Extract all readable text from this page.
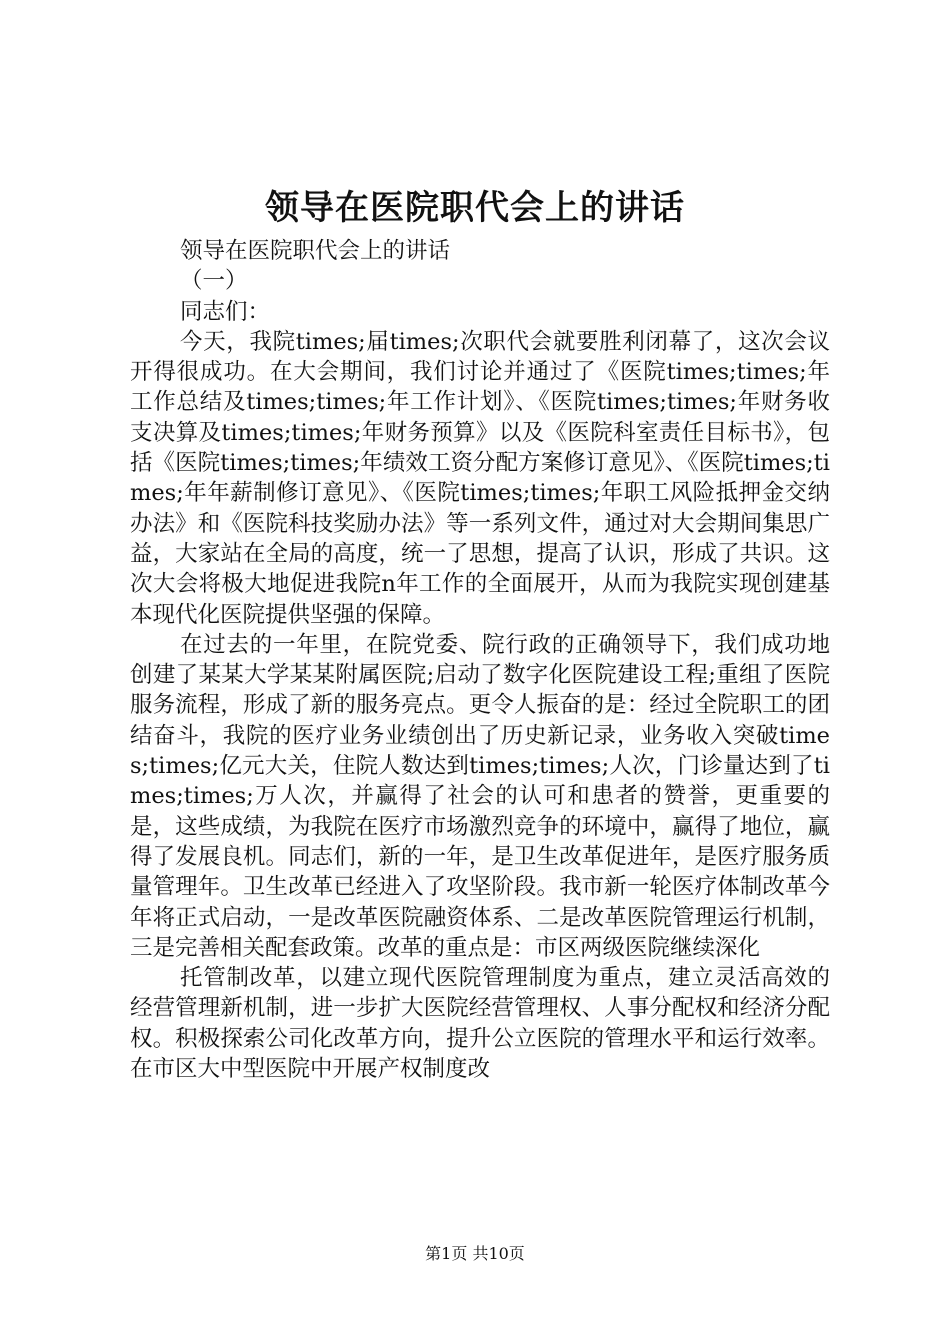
领导在医院职代会上的讲话

领导在医院职代会上的讲话

（一）

同志们：

今天，我院times;届times;次职代会就要胜利闭幕了，这次会议开得很成功。在大会期间，我们讨论并通过了《医院times;times;年工作总结及times;times;年工作计划》、《医院times;times;年财务收支决算及times;times;年财务预算》以及《医院科室责任目标书》，包括《医院times;times;年绩效工资分配方案修订意见》、《医院times;times;年年薪制修订意见》、《医院times;times;年职工风险抵押金交纳办法》和《医院科技奖励办法》等一系列文件，通过对大会期间集思广益，大家站在全局的高度，统一了思想，提高了认识，形成了共识。这次大会将极大地促进我院n年工作的全面展开，从而为我院实现创建基本现代化医院提供坚强的保障。

在过去的一年里，在院党委、院行政的正确领导下，我们成功地创建了某某大学某某附属医院;启动了数字化医院建设工程;重组了医院服务流程，形成了新的服务亮点。更令人振奋的是：经过全院职工的团结奋斗，我院的医疗业务业绩创出了历史新记录，业务收入突破times;times;亿元大关，住院人数达到times;times;人次，门诊量达到了times;times;万人次，并赢得了社会的认可和患者的赞誉，更重要的是，这些成绩，为我院在医疗市场激烈竞争的环境中，赢得了地位，赢得了发展良机。同志们，新的一年，是卫生改革促进年，是医疗服务质量管理年。卫生改革已经进入了攻坚阶段。我市新一轮医疗体制改革今年将正式启动，一是改革医院融资体系、二是改革医院管理运行机制，三是完善相关配套政策。改革的重点是：市区两级医院继续深化

托管制改革，以建立现代医院管理制度为重点，建立灵活高效的经营管理新机制，进一步扩大医院经营管理权、人事分配权和经济分配权。积极探索公司化改革方向，提升公立医院的管理水平和运行效率。在市区大中型医院中开展产权制度改

第1页 共10页
